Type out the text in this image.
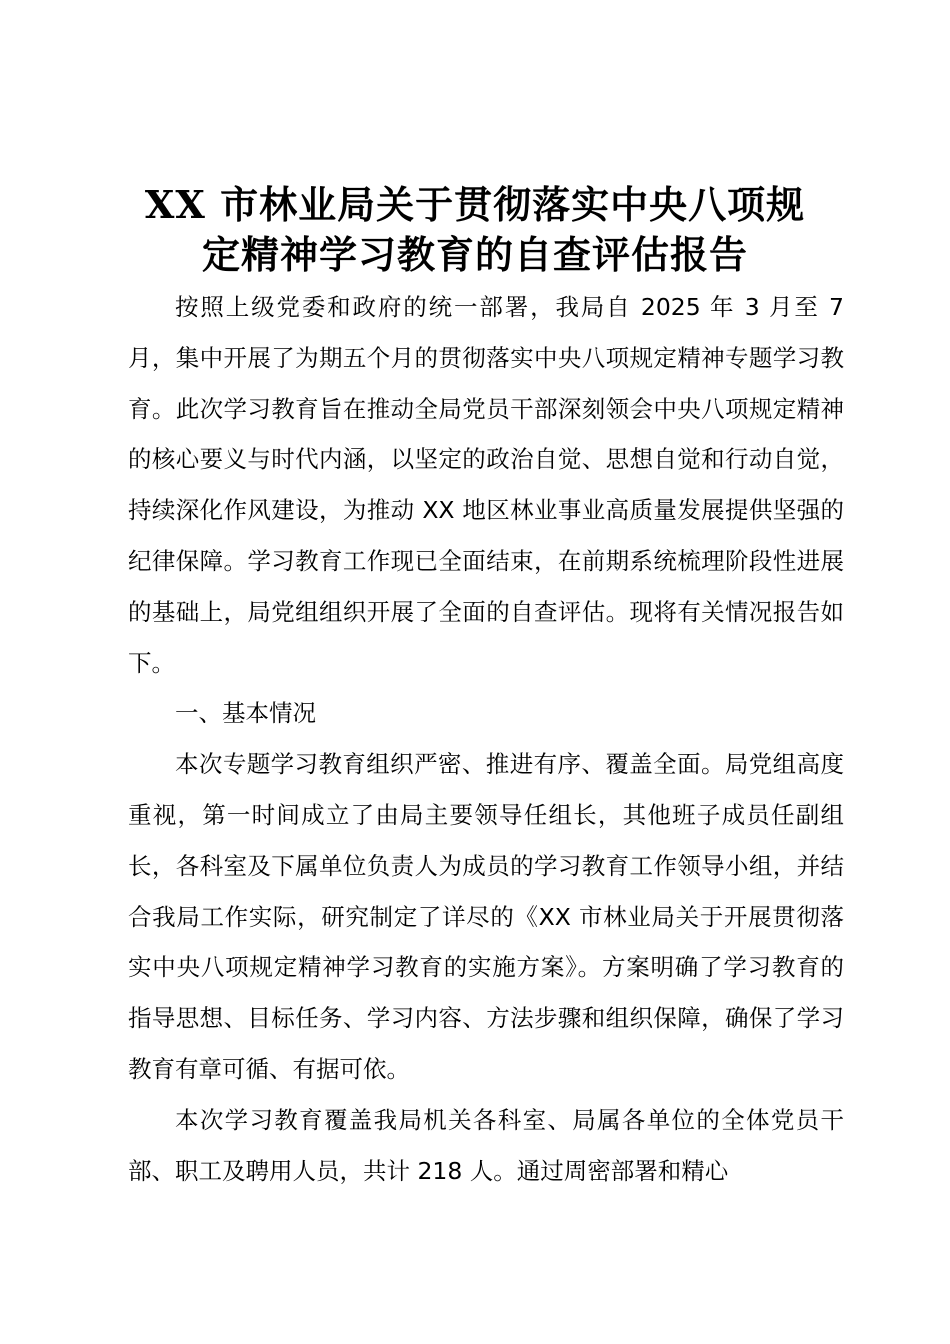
XX 市林业局关于贯彻落实中央八项规
定精神学习教育的自查评估报告

按照上级党委和政府的统一部署，我局自 2025 年 3 月至 7 月，集中开展了为期五个月的贯彻落实中央八项规定精神专题学习教育。此次学习教育旨在推动全局党员干部深刻领会中央八项规定精神的核心要义与时代内涵，以坚定的政治自觉、思想自觉和行动自觉，持续深化作风建设，为推动 XX 地区林业事业高质量发展提供坚强的纪律保障。学习教育工作现已全面结束，在前期系统梳理阶段性进展的基础上，局党组组织开展了全面的自查评估。现将有关情况报告如下。

一、基本情况

本次专题学习教育组织严密、推进有序、覆盖全面。局党组高度重视，第一时间成立了由局主要领导任组长，其他班子成员任副组长，各科室及下属单位负责人为成员的学习教育工作领导小组，并结合我局工作实际，研究制定了详尽的《XX 市林业局关于开展贯彻落实中央八项规定精神学习教育的实施方案》。方案明确了学习教育的指导思想、目标任务、学习内容、方法步骤和组织保障，确保了学习教育有章可循、有据可依。

本次学习教育覆盖我局机关各科室、局属各单位的全体党员干部、职工及聘用人员，共计 218 人。通过周密部署和精心
